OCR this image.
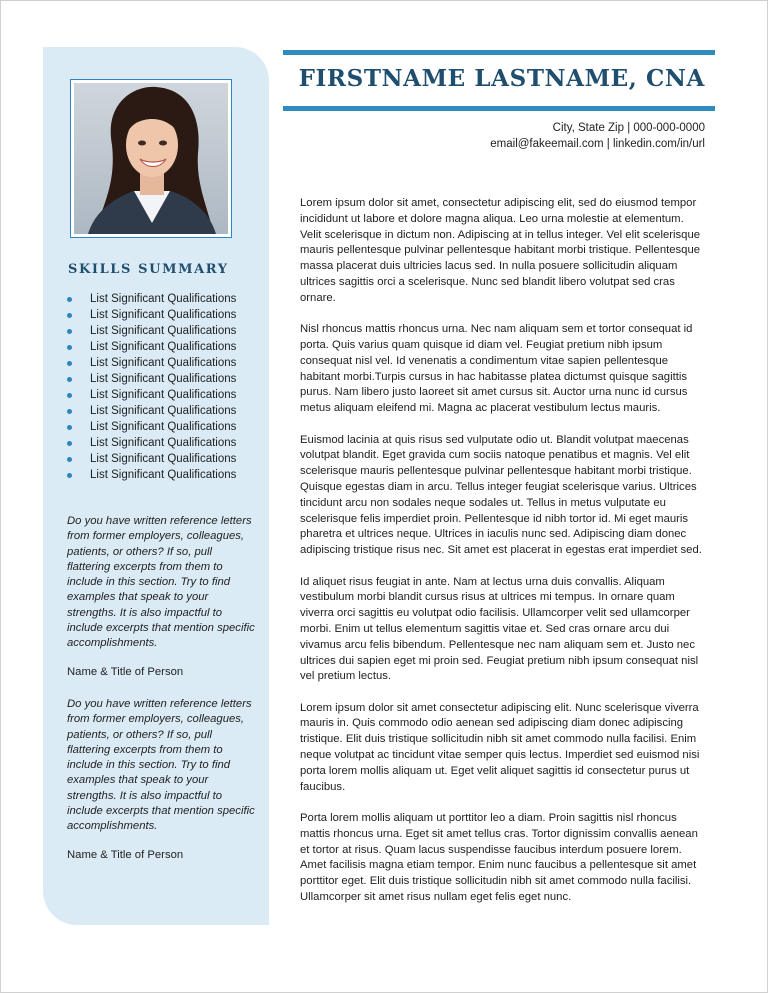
SKILLS SUMMARY
List Significant Qualifications
List Significant Qualifications
List Significant Qualifications
List Significant Qualifications
List Significant Qualifications
List Significant Qualifications
List Significant Qualifications
List Significant Qualifications
List Significant Qualifications
List Significant Qualifications
List Significant Qualifications
List Significant Qualifications
Do you have written reference letters from former employers, colleagues, patients, or others? If so, pull flattering excerpts from them to include in this section. Try to find examples that speak to your strengths. It is also impactful to include excerpts that mention specific accomplishments.
Name & Title of Person
Do you have written reference letters from former employers, colleagues, patients, or others? If so, pull flattering excerpts from them to include in this section. Try to find examples that speak to your strengths. It is also impactful to include excerpts that mention specific accomplishments.
Name & Title of Person
FIRSTNAME LASTNAME, CNA
City, State Zip | 000-000-0000
email@fakeemail.com | linkedin.com/in/url

Lorem ipsum dolor sit amet, consectetur adipiscing elit, sed do eiusmod tempor incididunt ut labore et dolore magna aliqua. Leo urna molestie at elementum. Velit scelerisque in dictum non. Adipiscing at in tellus integer. Vel elit scelerisque mauris pellentesque pulvinar pellentesque habitant morbi tristique. Pellentesque massa placerat duis ultricies lacus sed. In nulla posuere sollicitudin aliquam ultrices sagittis orci a scelerisque. Nunc sed blandit libero volutpat sed cras ornare.

Nisl rhoncus mattis rhoncus urna. Nec nam aliquam sem et tortor consequat id porta. Quis varius quam quisque id diam vel. Feugiat pretium nibh ipsum consequat nisl vel. Id venenatis a condimentum vitae sapien pellentesque habitant morbi.Turpis cursus in hac habitasse platea dictumst quisque sagittis purus. Nam libero justo laoreet sit amet cursus sit. Auctor urna nunc id cursus metus aliquam eleifend mi. Magna ac placerat vestibulum lectus mauris.

Euismod lacinia at quis risus sed vulputate odio ut. Blandit volutpat maecenas volutpat blandit. Eget gravida cum sociis natoque penatibus et magnis. Vel elit scelerisque mauris pellentesque pulvinar pellentesque habitant morbi tristique. Quisque egestas diam in arcu. Tellus integer feugiat scelerisque varius. Ultrices tincidunt arcu non sodales neque sodales ut. Tellus in metus vulputate eu scelerisque felis imperdiet proin. Pellentesque id nibh tortor id. Mi eget mauris pharetra et ultrices neque. Ultrices in iaculis nunc sed. Adipiscing diam donec adipiscing tristique risus nec. Sit amet est placerat in egestas erat imperdiet sed.

Id aliquet risus feugiat in ante. Nam at lectus urna duis convallis. Aliquam vestibulum morbi blandit cursus risus at ultrices mi tempus. In ornare quam viverra orci sagittis eu volutpat odio facilisis. Ullamcorper velit sed ullamcorper morbi. Enim ut tellus elementum sagittis vitae et. Sed cras ornare arcu dui vivamus arcu felis bibendum. Pellentesque nec nam aliquam sem et. Justo nec ultrices dui sapien eget mi proin sed. Feugiat pretium nibh ipsum consequat nisl vel pretium lectus.

Lorem ipsum dolor sit amet consectetur adipiscing elit. Nunc scelerisque viverra mauris in. Quis commodo odio aenean sed adipiscing diam donec adipiscing tristique. Elit duis tristique sollicitudin nibh sit amet commodo nulla facilisi. Enim neque volutpat ac tincidunt vitae semper quis lectus. Imperdiet sed euismod nisi porta lorem mollis aliquam ut. Eget velit aliquet sagittis id consectetur purus ut faucibus.

Porta lorem mollis aliquam ut porttitor leo a diam. Proin sagittis nisl rhoncus mattis rhoncus urna. Eget sit amet tellus cras. Tortor dignissim convallis aenean et tortor at risus. Quam lacus suspendisse faucibus interdum posuere lorem. Amet facilisis magna etiam tempor. Enim nunc faucibus a pellentesque sit amet porttitor eget. Elit duis tristique sollicitudin nibh sit amet commodo nulla facilisi. Ullamcorper sit amet risus nullam eget felis eget nunc.
